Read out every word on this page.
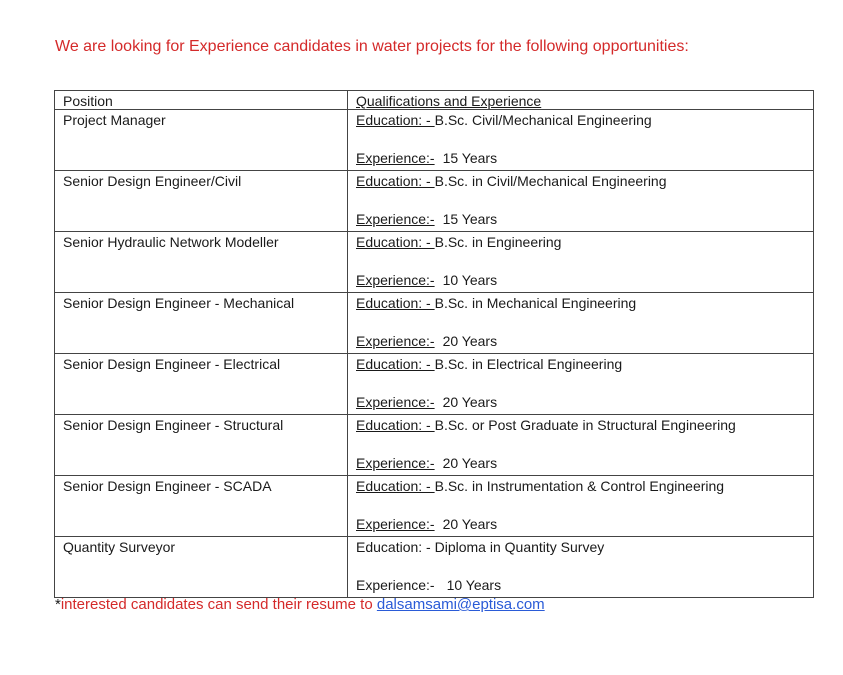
We are looking for Experience candidates in water projects for the following opportunities:
Position	Qualifications and Experience
Project Manager	Education: - B.Sc. Civil/Mechanical Engineering
Experience:- 15 Years

Senior Design Engineer/Civil	Education: - B.Sc. in Civil/Mechanical Engineering
Experience:- 15 Years

Senior Hydraulic Network Modeller	Education: - B.Sc. in Engineering
Experience:- 10 Years

Senior Design Engineer - Mechanical	Education: - B.Sc. in Mechanical Engineering
Experience:- 20 Years

Senior Design Engineer - Electrical	Education: - B.Sc. in Electrical Engineering
Experience:- 20 Years

Senior Design Engineer - Structural	Education: - B.Sc. or Post Graduate in Structural Engineering
Experience:- 20 Years

Senior Design Engineer - SCADA	Education: - B.Sc. in Instrumentation & Control Engineering
Experience:- 20 Years

Quantity Surveyor	Education: - Diploma in Quantity Survey
Experience:- 10 Years
*interested candidates can send their resume to dalsamsami@eptisa.com
